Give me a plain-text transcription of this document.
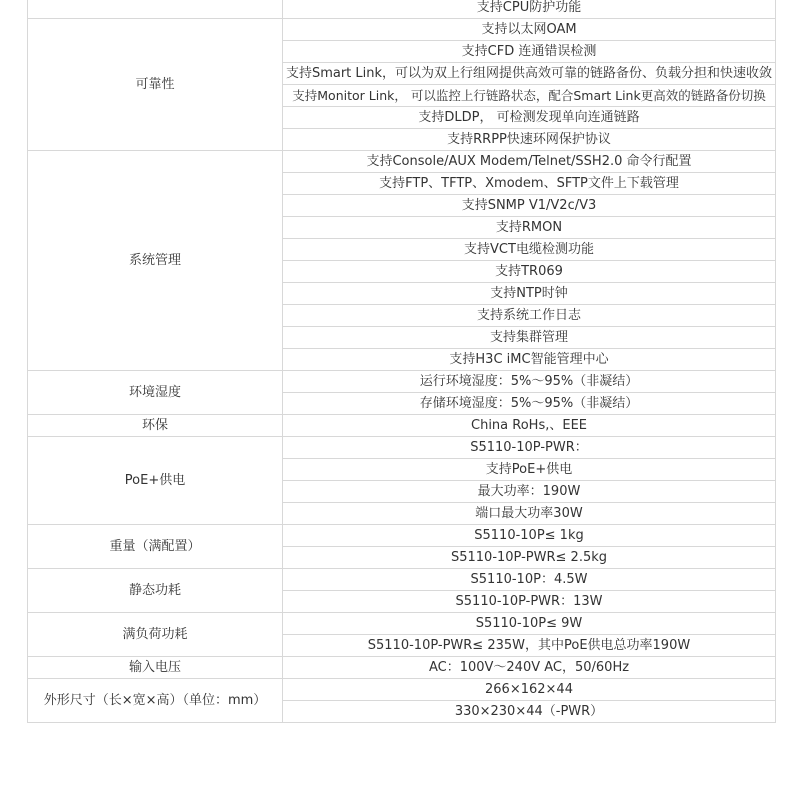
	支持CPU防护功能
可靠性	支持以太网OAM
	支持CFD 连通错误检测
	支持Smart Link，可以为双上行组网提供高效可靠的链路备份、负载分担和快速收敛
	支持Monitor Link， 可以监控上行链路状态，配合Smart Link更高效的链路备份切换
	支持DLDP， 可检测发现单向连通链路
	支持RRPP快速环网保护协议
系统管理	支持Console/AUX Modem/Telnet/SSH2.0 命令行配置
	支持FTP、TFTP、Xmodem、SFTP文件上下载管理
	支持SNMP V1/V2c/V3
	支持RMON
	支持VCT电缆检测功能
	支持TR069
	支持NTP时钟
	支持系统工作日志
	支持集群管理
	支持H3C iMC智能管理中心
环境湿度	运行环境湿度：5%～95%（非凝结）
	存储环境湿度：5%～95%（非凝结）
环保	China RoHs,、EEE
PoE+供电	S5110-10P-PWR：
	支持PoE+供电
	最大功率：190W
	端口最大功率30W
重量（满配置）	S5110-10P≤ 1kg
	S5110-10P-PWR≤ 2.5kg
静态功耗	S5110-10P：4.5W
	S5110-10P-PWR：13W
满负荷功耗	S5110-10P≤ 9W
	S5110-10P-PWR≤ 235W，其中PoE供电总功率190W
输入电压	AC：100V～240V AC，50/60Hz
外形尺寸（长×宽×高）（单位：mm）	266×162×44
	330×230×44（-PWR）
